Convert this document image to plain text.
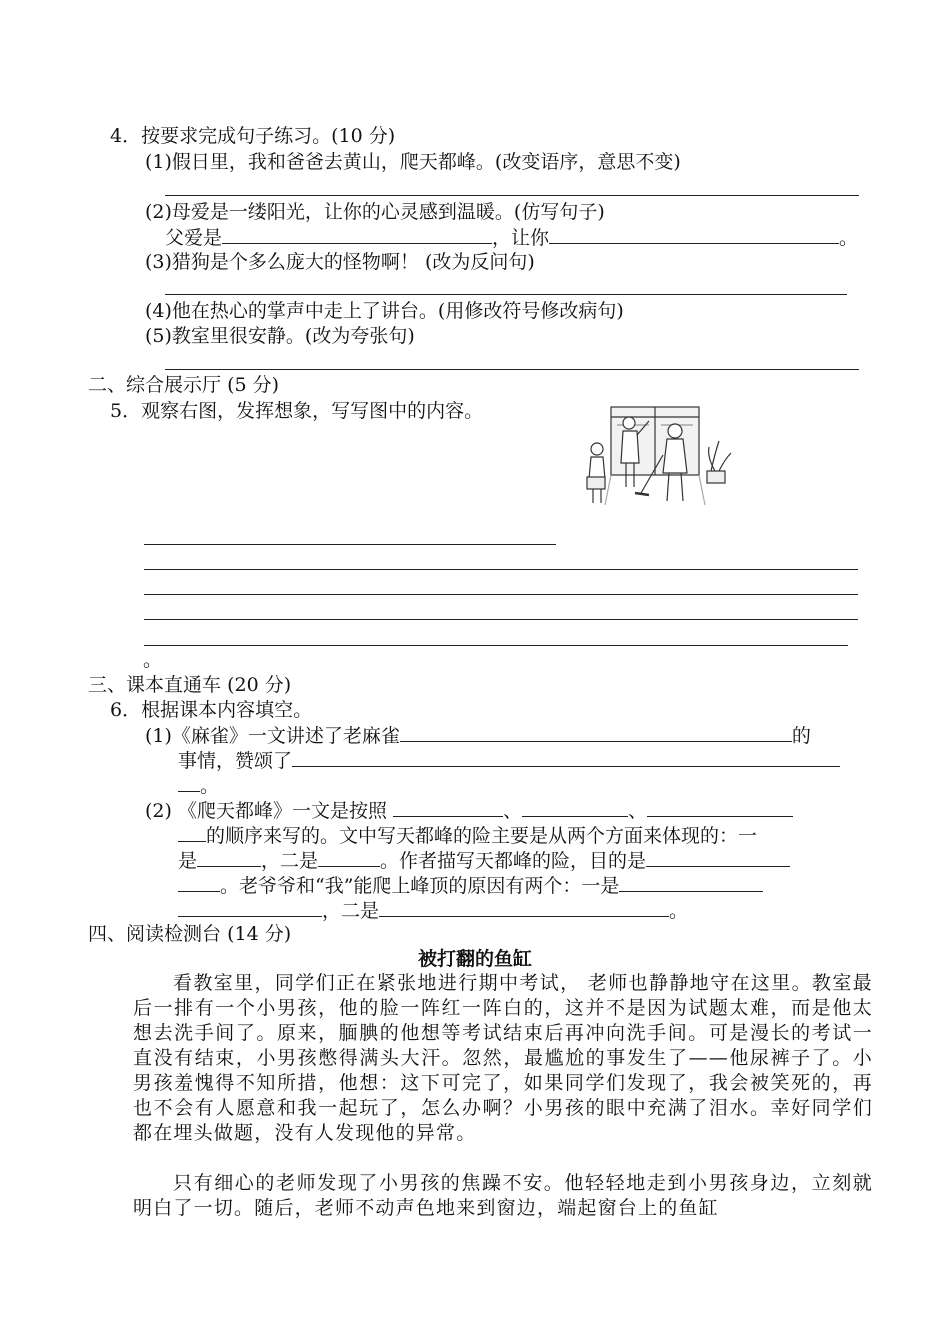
4．按要求完成句子练习。(10 分)
(1)假日里，我和爸爸去黄山，爬天都峰。(改变语序，意思不变)
(2)母爱是一缕阳光，让你的心灵感到温暖。(仿写句子)
父爱是	，让你	。
(3)猎狗是个多么庞大的怪物啊！ (改为反问句)
(4)他在热心的掌声中走上了讲台。(用修改符号修改病句)
(5)教室里很安静。(改为夸张句)
二、综合展示厅 (5 分)
5．观察右图，发挥想象，写写图中的内容。
。
三、课本直通车 (20 分)
6．根据课本内容填空。
(1)《麻雀》一文讲述了老麻雀	的
事情，赞颂了
。
(2) 《爬天都峰》一文是按照	、	、
的顺序来写的。文中写天都峰的险主要是从两个方面来体现的：一
是	，二是	。作者描写天都峰的险，目的是
。老爷爷和“我”能爬上峰顶的原因有两个：一是
，二是	。
四、阅读检测台 (14 分)
被打翻的鱼缸
看教室里，同学们正在紧张地进行期中考试， 老师也静静地守在这里。教室最后一排有一个小男孩，他的脸一阵红一阵白的，这并不是因为试题太难，而是他太想去洗手间了。原来，腼腆的他想等考试结束后再冲向洗手间。可是漫长的考试一直没有结束，小男孩憋得满头大汗。忽然，最尴尬的事发生了——他尿裤子了。小男孩羞愧得不知所措，他想：这下可完了，如果同学们发现了，我会被笑死的，再也不会有人愿意和我一起玩了，怎么办啊？小男孩的眼中充满了泪水。幸好同学们都在埋头做题，没有人发现他的异常。
只有细心的老师发现了小男孩的焦躁不安。他轻轻地走到小男孩身边，立刻就明白了一切。随后，老师不动声色地来到窗边，端起窗台上的鱼缸
